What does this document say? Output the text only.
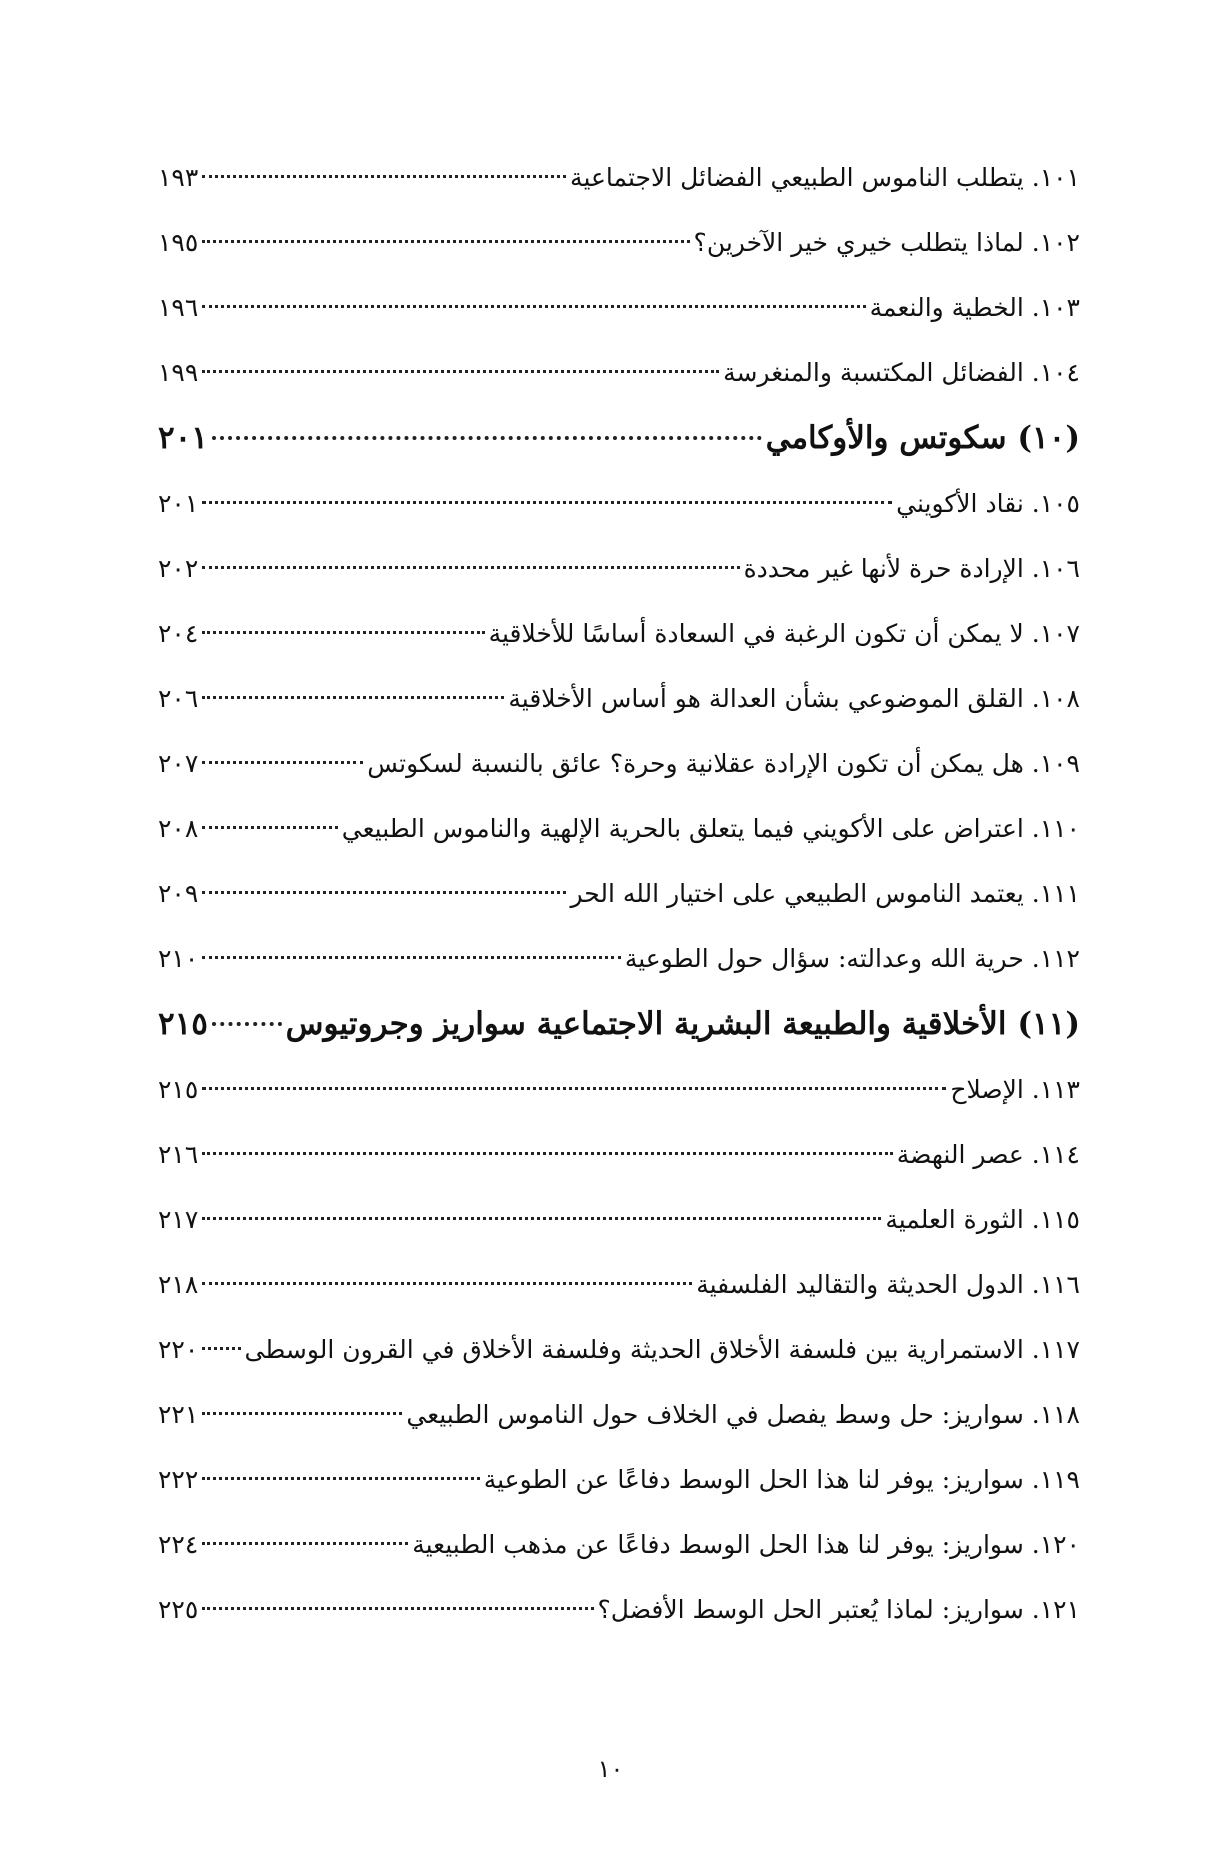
١٠١. يتطلب الناموس الطبيعي الفضائل الاجتماعية
١٩٣
١٠٢. لماذا يتطلب خيري خير الآخرين؟
١٩٥
١٠٣. الخطية والنعمة
١٩٦
١٠٤. الفضائل المكتسبة والمنغرسة
١٩٩
(١٠) سكوتس والأوكامي
٢٠١
١٠٥. نقاد الأكويني
٢٠١
١٠٦. الإرادة حرة لأنها غير محددة
٢٠٢
١٠٧. لا يمكن أن تكون الرغبة في السعادة أساسًا للأخلاقية
٢٠٤
١٠٨. القلق الموضوعي بشأن العدالة هو أساس الأخلاقية
٢٠٦
١٠٩. هل يمكن أن تكون الإرادة عقلانية وحرة؟ عائق بالنسبة لسكوتس
٢٠٧
١١٠. اعتراض على الأكويني فيما يتعلق بالحرية الإلهية والناموس الطبيعي
٢٠٨
١١١. يعتمد الناموس الطبيعي على اختيار الله الحر
٢٠٩
١١٢. حرية الله وعدالته: سؤال حول الطوعية
٢١٠
(١١) الأخلاقية والطبيعة البشرية الاجتماعية سواريز وجروتيوس
٢١٥
١١٣. الإصلاح
٢١٥
١١٤. عصر النهضة
٢١٦
١١٥. الثورة العلمية
٢١٧
١١٦. الدول الحديثة والتقاليد الفلسفية
٢١٨
١١٧. الاستمرارية بين فلسفة الأخلاق الحديثة وفلسفة الأخلاق في القرون الوسطى
٢٢٠
١١٨. سواريز: حل وسط يفصل في الخلاف حول الناموس الطبيعي
٢٢١
١١٩. سواريز: يوفر لنا هذا الحل الوسط دفاعًا عن الطوعية
٢٢٢
١٢٠. سواريز: يوفر لنا هذا الحل الوسط دفاعًا عن مذهب الطبيعية
٢٢٤
١٢١. سواريز: لماذا يُعتبر الحل الوسط الأفضل؟
٢٢٥
١٠
